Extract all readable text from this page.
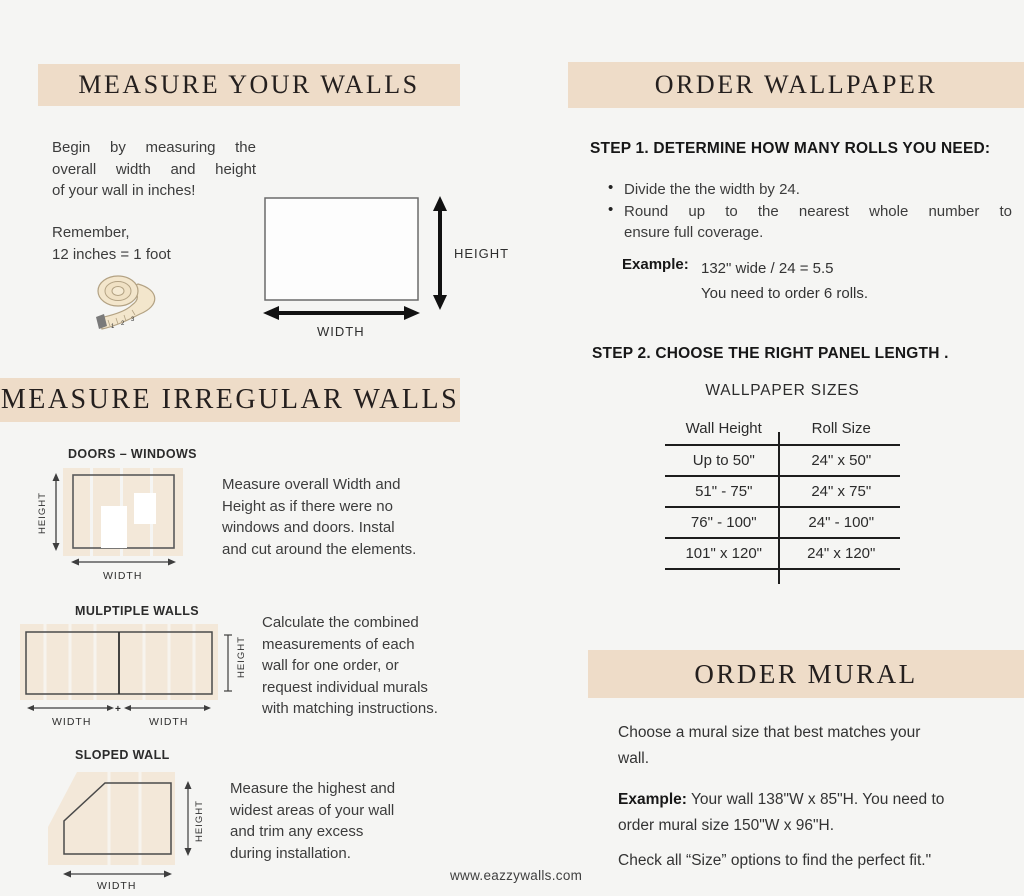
MEASURE YOUR WALLS
Begin by measuring the
overall width and height
of your wall in inches!
Remember,
12 inches = 1 foot
1 2
3
HEIGHT
WIDTH
MEASURE IRREGULAR WALLS
DOORS – WINDOWS
HEIGHT
WIDTH
Measure overall Width and
Height as if there were no
windows and doors. Instal
and cut around the elements.
MULPTIPLE WALLS
HEIGHT
+
WIDTH	WIDTH
Calculate the combined
measurements of each
wall for one order, or
request individual murals
with matching instructions.
SLOPED WALL
HEIGHT
WIDTH
Measure the highest and
widest areas of your wall
and trim any excess
during installation.
www.eazzywalls.com
ORDER WALLPAPER
STEP 1. DETERMINE HOW MANY ROLLS YOU NEED:
• Divide the the width by 24.
• Round up to the nearest whole number to
ensure full coverage.
Example: 132" wide / 24 = 5.5
You need to order 6 rolls.
STEP 2. CHOOSE THE RIGHT PANEL LENGTH .
WALLPAPER SIZES
Wall Height	Roll Size
Up to 50"	24" x 50"
51" - 75"	24" x 75"
76" - 100"	24" - 100"
101" x 120"	24" x 120"
ORDER MURAL
Choose a mural size that best matches your
wall.
Example: Your wall 138"W x 85"H. You need to
order mural size 150"W x 96"H.
Check all “Size” options to find the perfect fit."
